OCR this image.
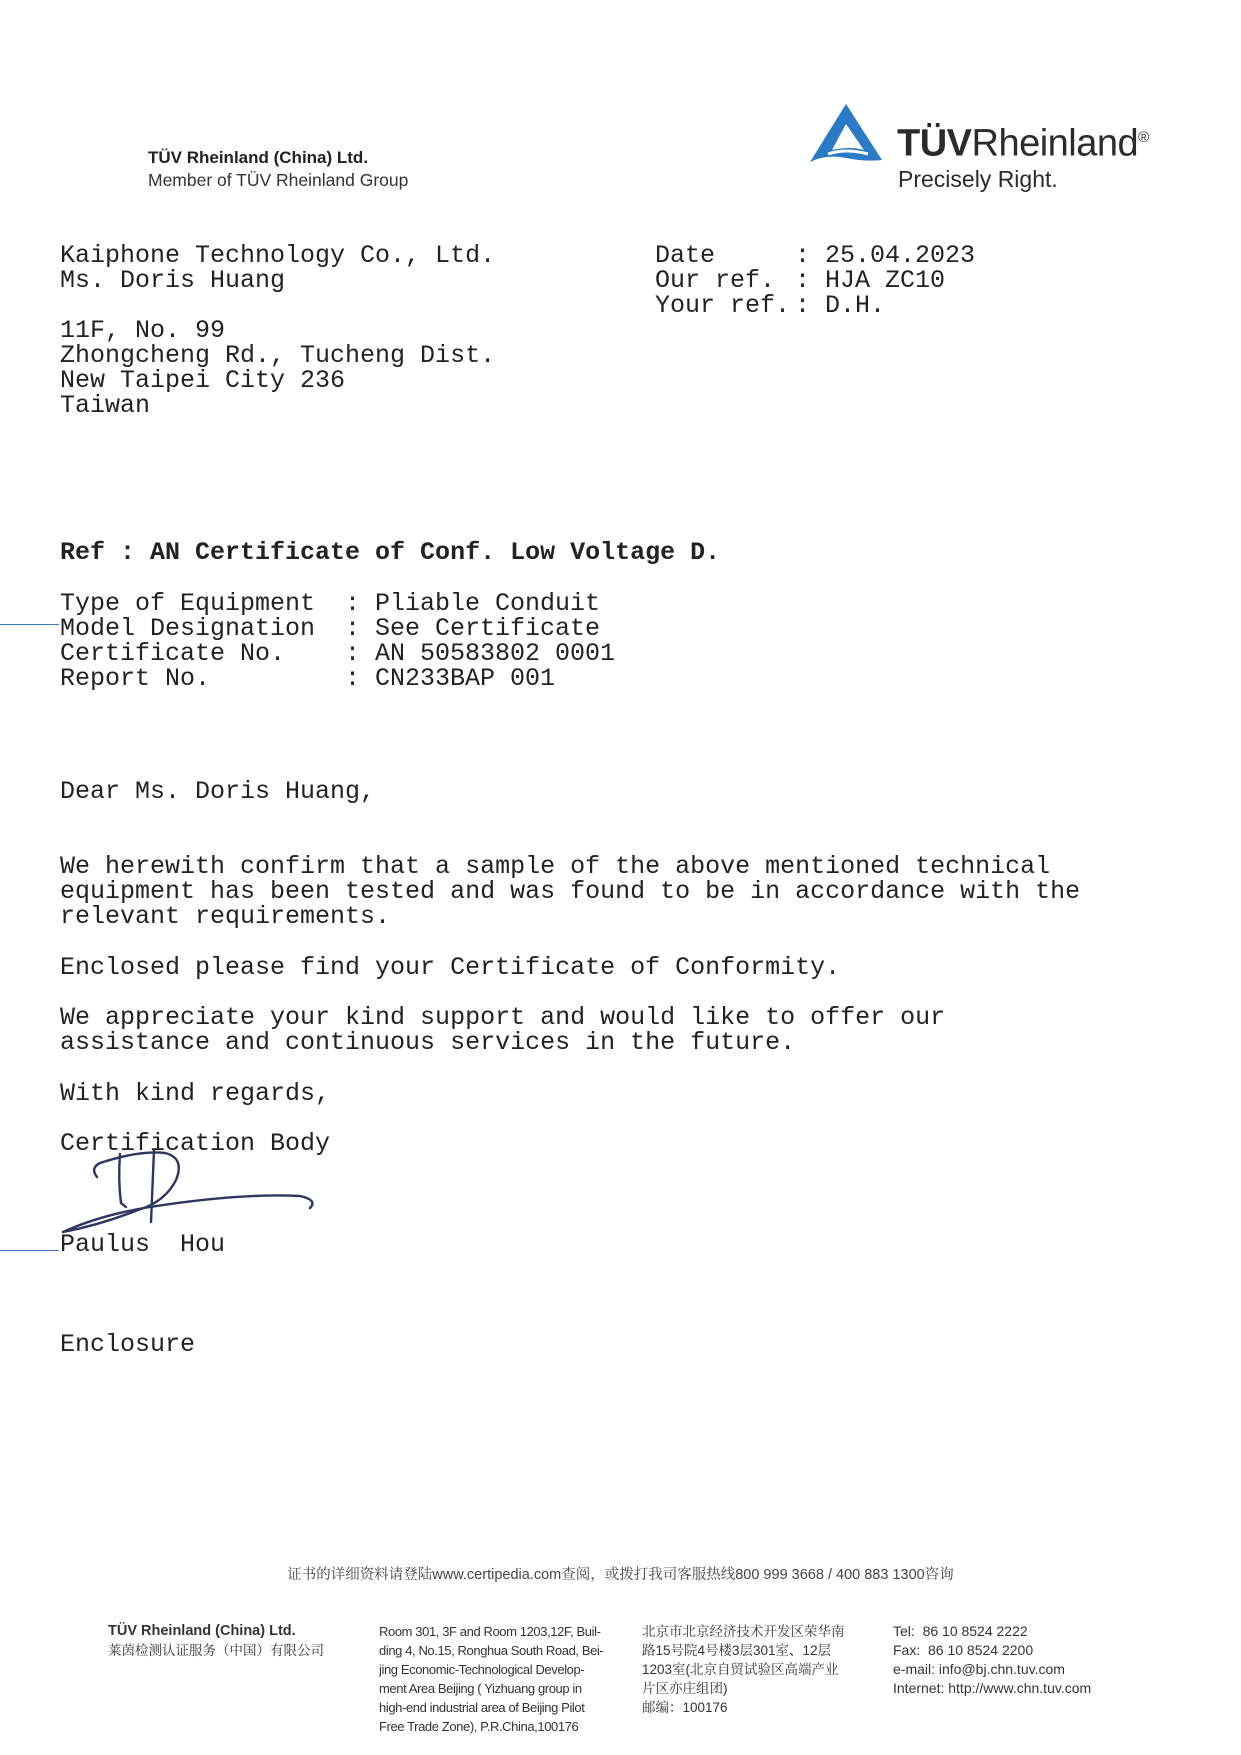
TÜV Rheinland (China) Ltd.
Member of TÜV Rheinland Group
TÜVRheinland®
Precisely Right.
Kaiphone Technology Co., Ltd.
Ms. Doris Huang
11F, No. 99
Zhongcheng Rd., Tucheng Dist.
New Taipei City 236
Taiwan
Date	: 25.04.2023
Our ref. : HJA ZC10
Your ref. : D.H.
Ref : AN Certificate of Conf. Low Voltage D.
Type of Equipment : Pliable Conduit
Model Designation : See Certificate
Certificate No. : AN 50583802 0001
Report No.	: CN233BAP 001
Dear Ms. Doris Huang,
We herewith confirm that a sample of the above mentioned technical
equipment has been tested and was found to be in accordance with the
relevant requirements.
Enclosed please find your Certificate of Conformity.
We appreciate your kind support and would like to offer our
assistance and continuous services in the future.
With kind regards,
Certification Body
Paulus  Hou
Enclosure
证书的详细资料请登陆www.certipedia.com查阅，或拨打我司客服热线800 999 3668 / 400 883 1300咨询
TÜV Rheinland (China) Ltd.
莱茵检测认证服务（中国）有限公司
Room 301, 3F and Room 1203,12F, Buil-
ding 4, No.15, Ronghua South Road, Bei-
jing Economic-Technological Develop-
ment Area Beijing ( Yizhuang group in
high-end industrial area of Beijing Pilot
Free Trade Zone), P.R.China,100176
北京市北京经济技术开发区荣华南
路15号院4号楼3层301室、12层
1203室(北京自贸试验区高端产业
片区亦庄组团)
邮编：100176
Tel:  86 10 8524 2222
Fax:  86 10 8524 2200
e-mail: info@bj.chn.tuv.com
Internet: http://www.chn.tuv.com
